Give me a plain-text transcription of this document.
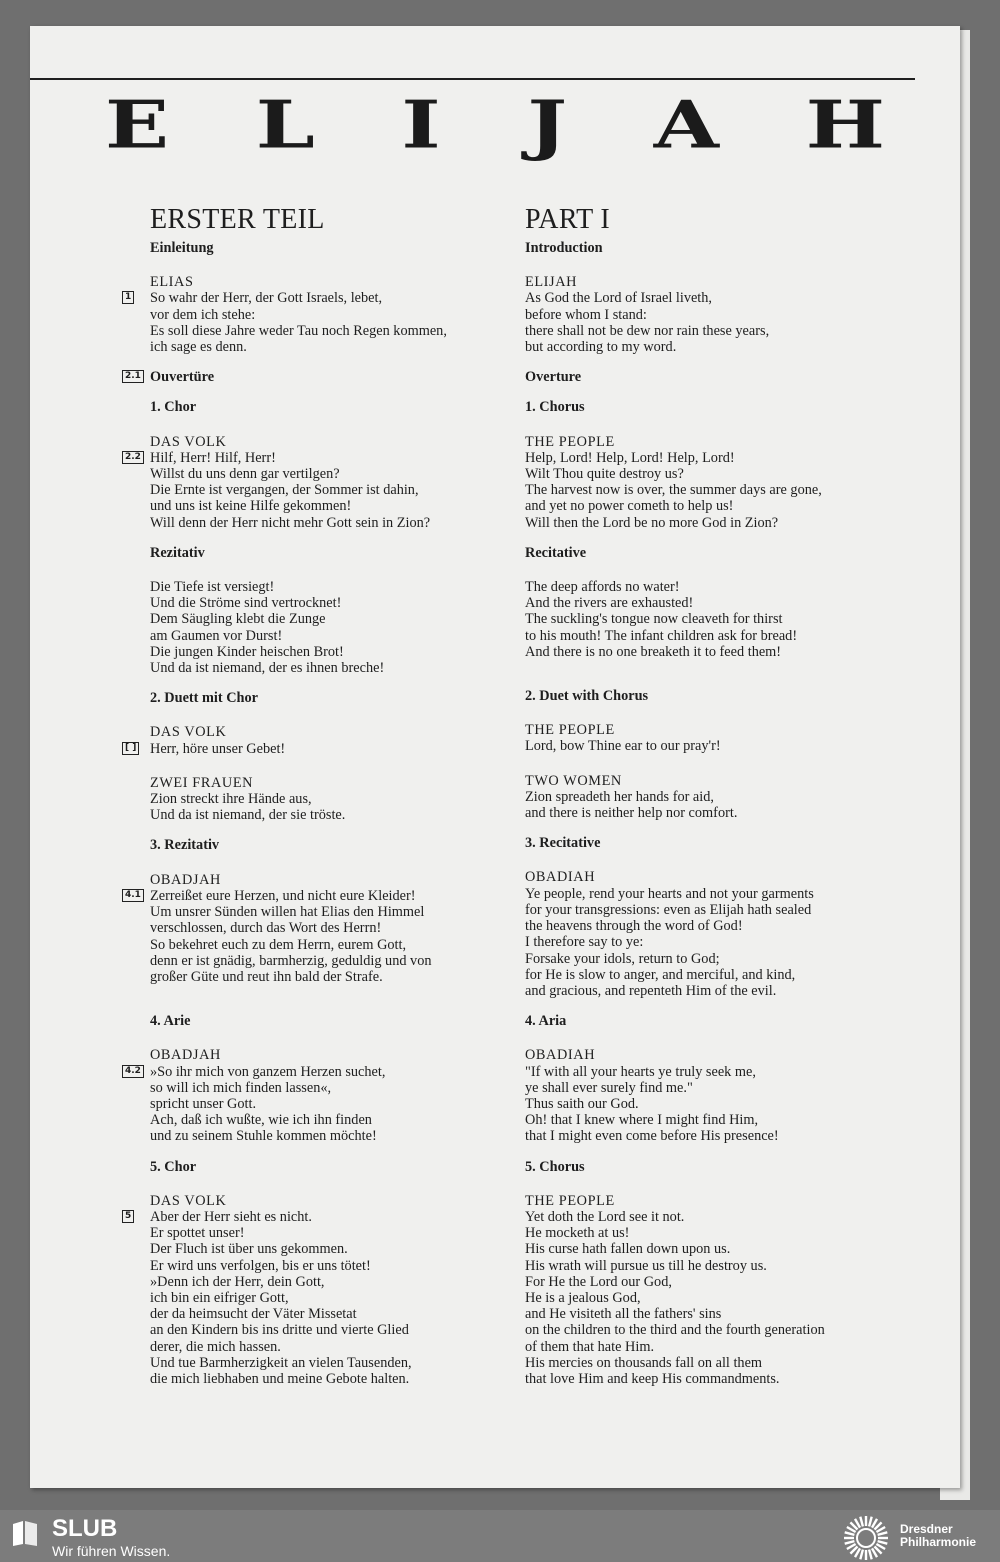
E L I J A H
ERSTER TEIL
Einleitung
ELIAS
1 So wahr der Herr, der Gott Israels, lebet,
vor dem ich stehe:
Es soll diese Jahre weder Tau noch Regen kommen,
ich sage es denn.
2.1 Ouvertüre
1. Chor
DAS VOLK
2.2 Hilf, Herr! Hilf, Herr!
Willst du uns denn gar vertilgen?
Die Ernte ist vergangen, der Sommer ist dahin,
und uns ist keine Hilfe gekommen!
Will denn der Herr nicht mehr Gott sein in Zion?
Rezitativ
Die Tiefe ist versiegt!
Und die Ströme sind vertrocknet!
Dem Säugling klebt die Zunge
am Gaumen vor Durst!
Die jungen Kinder heischen Brot!
Und da ist niemand, der es ihnen breche!
2. Duett mit Chor
DAS VOLK
[ ] Herr, höre unser Gebet!
ZWEI FRAUEN
Zion streckt ihre Hände aus,
Und da ist niemand, der sie tröste.
3. Rezitativ
OBADJAH
4.1 Zerreißet eure Herzen, und nicht eure Kleider!
Um unsrer Sünden willen hat Elias den Himmel
verschlossen, durch das Wort des Herrn!
So bekehret euch zu dem Herrn, eurem Gott,
denn er ist gnädig, barmherzig, geduldig und von
großer Güte und reut ihn bald der Strafe.
4. Arie
OBADJAH
4.2 »So ihr mich von ganzem Herzen suchet,
so will ich mich finden lassen«,
spricht unser Gott.
Ach, daß ich wußte, wie ich ihn finden
und zu seinem Stuhle kommen möchte!
5. Chor
DAS VOLK
5 Aber der Herr sieht es nicht.
Er spottet unser!
Der Fluch ist über uns gekommen.
Er wird uns verfolgen, bis er uns tötet!
»Denn ich der Herr, dein Gott,
ich bin ein eifriger Gott,
der da heimsucht der Väter Missetat
an den Kindern bis ins dritte und vierte Glied
derer, die mich hassen.
Und tue Barmherzigkeit an vielen Tausenden,
die mich liebhaben und meine Gebote halten.
PART I
Introduction
ELIJAH
As God the Lord of Israel liveth,
before whom I stand:
there shall not be dew nor rain these years,
but according to my word.
Overture
1. Chorus
THE PEOPLE
Help, Lord! Help, Lord! Help, Lord!
Wilt Thou quite destroy us?
The harvest now is over, the summer days are gone,
and yet no power cometh to help us!
Will then the Lord be no more God in Zion?
Recitative
The deep affords no water!
And the rivers are exhausted!
The suckling's tongue now cleaveth for thirst
to his mouth! The infant children ask for bread!
And there is no one breaketh it to feed them!
2. Duet with Chorus
THE PEOPLE
Lord, bow Thine ear to our pray'r!
TWO WOMEN
Zion spreadeth her hands for aid,
and there is neither help nor comfort.
3. Recitative
OBADIAH
Ye people, rend your hearts and not your garments
for your transgressions: even as Elijah hath sealed
the heavens through the word of God!
I therefore say to ye:
Forsake your idols, return to God;
for He is slow to anger, and merciful, and kind,
and gracious, and repenteth Him of the evil.
4. Aria
OBADIAH
"If with all your hearts ye truly seek me,
ye shall ever surely find me."
Thus saith our God.
Oh! that I knew where I might find Him,
that I might even come before His presence!
5. Chorus
THE PEOPLE
Yet doth the Lord see it not.
He mocketh at us!
His curse hath fallen down upon us.
His wrath will pursue us till he destroy us.
For He the Lord our God,
He is a jealous God,
and He visiteth all the fathers' sins
on the children to the third and the fourth generation
of them that hate Him.
His mercies on thousands fall on all them
that love Him and keep His commandments.
SLUB
Wir führen Wissen.
Dresdner
Philharmonie
